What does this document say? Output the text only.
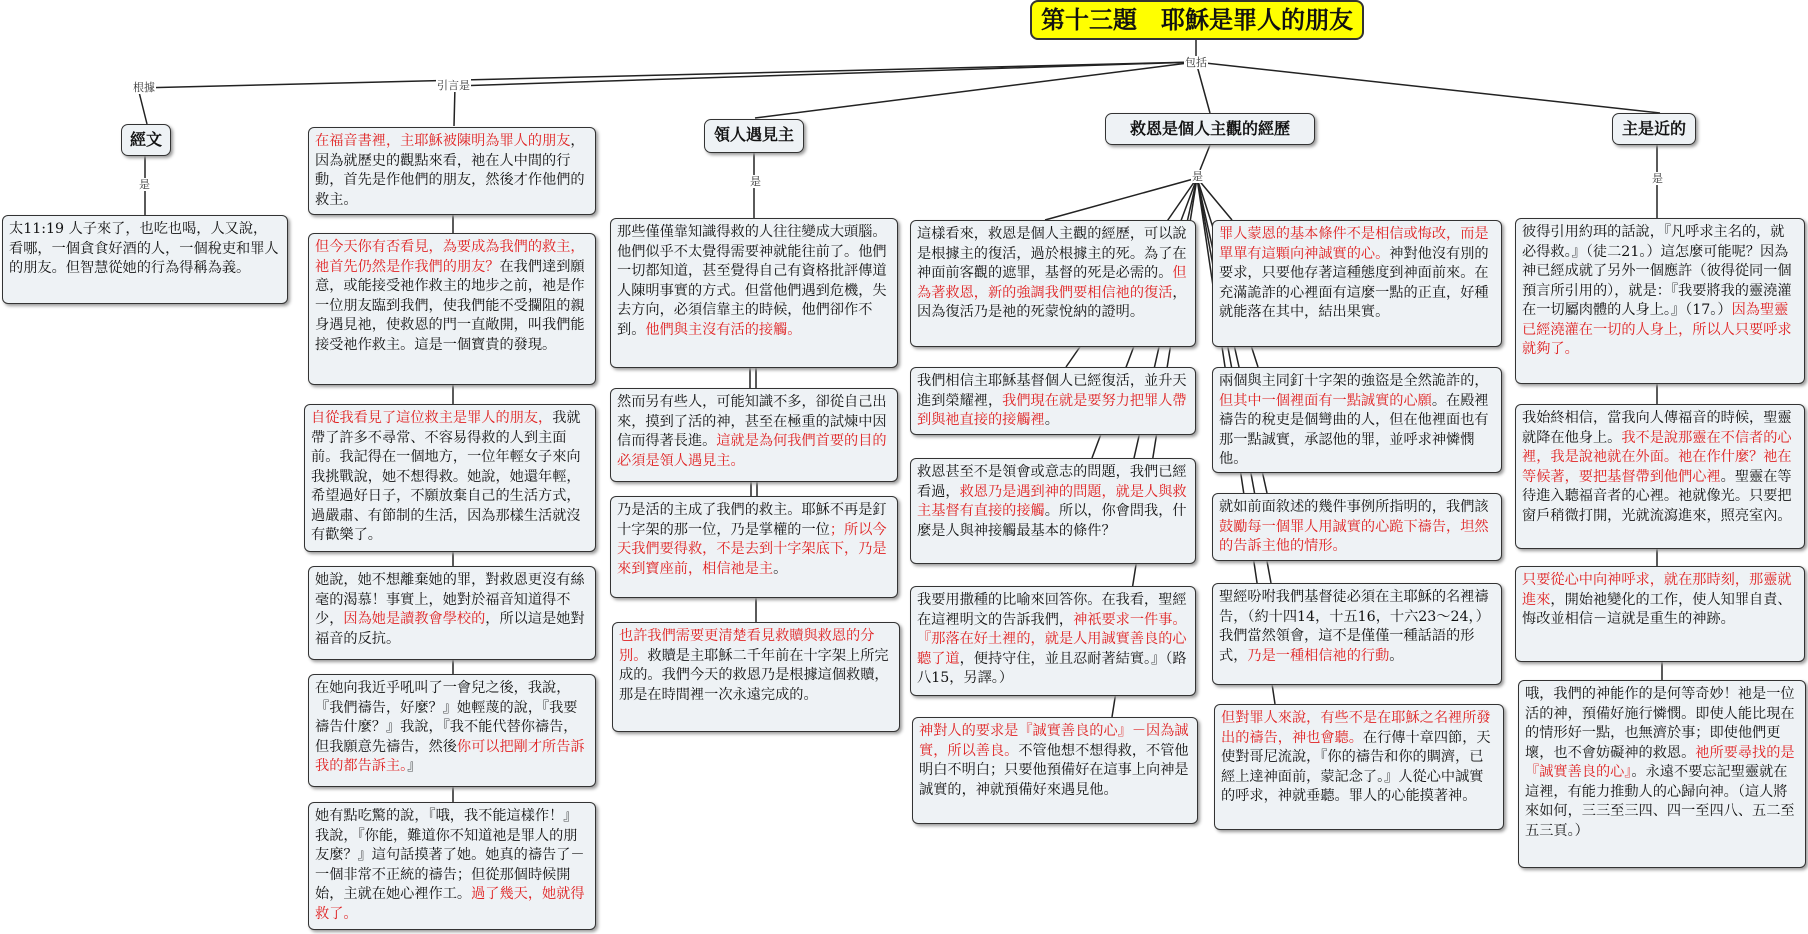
第十三題　耶穌是罪人的朋友
根據	引言是
包括
是	是	是	是
經文	領人遇見主	救恩是個人主觀的經歷	主是近的
太11:19 人子來了，也吃也喝，人又說，看哪，一個貪食好酒的人，一個稅吏和罪人的朋友。但智慧從她的行為得稱為義。
在福音書裡，主耶穌被陳明為罪人的朋友，因為就歷史的觀點來看，祂在人中間的行動，首先是作他們的朋友，然後才作他們的救主。
但今天你有否看見，為要成為我們的救主，祂首先仍然是作我們的朋友？在我們達到願意，或能接受祂作救主的地步之前，祂是作一位朋友臨到我們，使我們能不受攔阻的親身遇見祂，使救恩的門一直敞開，叫我們能接受祂作救主。這是一個寶貴的發現。
自從我看見了這位救主是罪人的朋友，我就帶了許多不尋常、不容易得救的人到主面前。我記得在一個地方，一位年輕女子來向我挑戰說，她不想得救。她說，她還年輕，希望過好日子，不願放棄自己的生活方式，過嚴肅、有節制的生活，因為那樣生活就沒有歡樂了。
她說，她不想離棄她的罪，對救恩更沒有絲毫的渴慕！事實上，她對於福音知道得不少，因為她是讀教會學校的，所以這是她對福音的反抗。
在她向我近乎吼叫了一會兒之後，我說，『我們禱告，好麼？』她輕蔑的說，『我要禱告什麼？』我說，『我不能代替你禱告，但我願意先禱告，然後你可以把剛才所告訴我的都告訴主。』
她有點吃驚的說，『哦，我不能這樣作！』我說，『你能，難道你不知道祂是罪人的朋友麼？』這句話摸著了她。她真的禱告了－一個非常不正統的禱告；但從那個時候開始，主就在她心裡作工。過了幾天，她就得救了。
那些僅僅靠知識得救的人往往變成大頭腦。他們似乎不太覺得需要神就能往前了。他們一切都知道，甚至覺得自己有資格批評傳道人陳明事實的方式。但當他們遇到危機，失去方向，必須信靠主的時候，他們卻作不到。他們與主沒有活的接觸。
然而另有些人，可能知識不多，卻從自己出來，摸到了活的神，甚至在極重的試煉中因信而得著長進。這就是為何我們首要的目的必須是領人遇見主。
乃是活的主成了我們的救主。耶穌不再是釘十字架的那一位，乃是掌權的一位；所以今天我們要得救，不是去到十字架底下，乃是來到寶座前，相信祂是主。
也許我們需要更清楚看見救贖與救恩的分別。救贖是主耶穌二千年前在十字架上所完成的。我們今天的救恩乃是根據這個救贖，那是在時間裡一次永遠完成的。
這樣看來，救恩是個人主觀的經歷，可以說是根據主的復活，過於根據主的死。為了在神面前客觀的遮罪，基督的死是必需的。但為著救恩，新的強調我們要相信祂的復活，因為復活乃是祂的死蒙悅納的證明。
我們相信主耶穌基督個人已經復活，並升天進到榮耀裡，我們現在就是要努力把罪人帶到與祂直接的接觸裡。
救恩甚至不是領會或意志的問題，我們已經看過，救恩乃是遇到神的問題，就是人與救主基督有直接的接觸。所以，你會問我，什麼是人與神接觸最基本的條件？
我要用撒種的比喻來回答你。在我看，聖經在這裡明文的告訴我們，神祇要求一件事。『那落在好土裡的，就是人用誠實善良的心聽了道，便持守住，並且忍耐著結實。』（路八15，另譯。）
神對人的要求是『誠實善良的心』－因為誠實，所以善良。不管他想不想得救，不管他明白不明白；只要他預備好在這事上向神是誠實的，神就預備好來遇見他。
罪人蒙恩的基本條件不是相信或悔改，而是單單有這顆向神誠實的心。神對他沒有別的要求，只要他存著這種態度到神面前來。在充滿詭詐的心裡面有這麼一點的正直，好種就能落在其中，結出果實。
兩個與主同釘十字架的強盜是全然詭詐的，但其中一個裡面有一點誠實的心願。在殿裡禱告的稅吏是個彎曲的人，但在他裡面也有那一點誠實，承認他的罪，並呼求神憐憫他。
就如前面敘述的幾件事例所指明的，我們該鼓勵每一個罪人用誠實的心跪下禱告，坦然的告訴主他的情形。
聖經吩咐我們基督徒必須在主耶穌的名裡禱告，（約十四14，十五16，十六23～24，）我們當然領會，這不是僅僅一種話語的形式，乃是一種相信祂的行動。
但對罪人來說，有些不是在耶穌之名裡所發出的禱告，神也會聽。在行傳十章四節，天使對哥尼流說，『你的禱告和你的賙濟，已經上達神面前，蒙記念了。』人從心中誠實的呼求，神就垂聽。罪人的心能摸著神。
彼得引用約珥的話說，『凡呼求主名的，就必得救。』（徒二21。）這怎麼可能呢？因為神已經成就了另外一個應許（彼得從同一個預言所引用的），就是：『我要將我的靈澆灌在一切屬肉體的人身上。』（17。）因為聖靈已經澆灌在一切的人身上，所以人只要呼求就夠了。
我始終相信，當我向人傳福音的時候，聖靈就降在他身上。我不是說那靈在不信者的心裡，我是說祂就在外面。祂在作什麼？祂在等候著，要把基督帶到他們心裡。聖靈在等待進入聽福音者的心裡。祂就像光。只要把窗戶稍微打開，光就流瀉進來，照亮室內。
只要從心中向神呼求，就在那時刻，那靈就進來，開始祂變化的工作，使人知罪自責、悔改並相信－這就是重生的神跡。
哦，我們的神能作的是何等奇妙！祂是一位活的神，預備好施行憐憫。即使人能比現在的情形好一點，也無濟於事；即使他們更壞，也不會妨礙神的救恩。祂所要尋找的是『誠實善良的心』。永遠不要忘記聖靈就在這裡，有能力推動人的心歸向神。（這人將來如何，三三至三四、四一至四八、五二至五三頁。）
